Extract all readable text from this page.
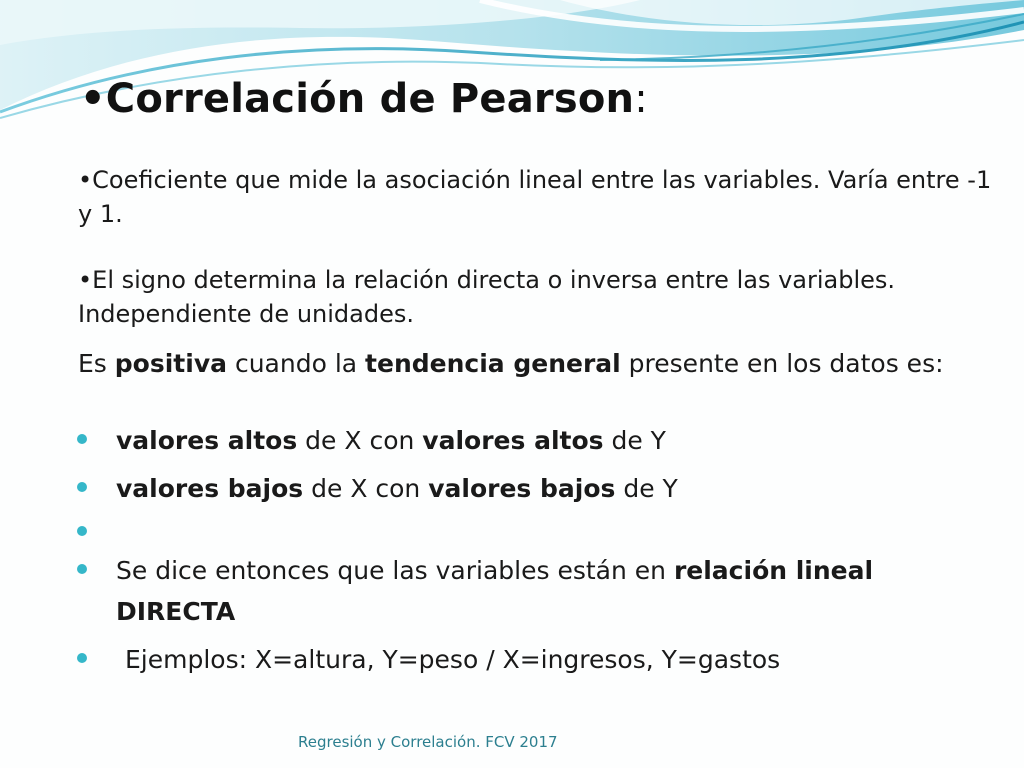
•Correlación de Pearson:
•Coeficiente que mide la asociación lineal entre las variables. Varía entre -1 y 1.
•El signo determina la relación directa o inversa entre las variables. Independiente de unidades.
Es positiva cuando la tendencia general presente en los datos es:
valores altos de X con valores altos de Y
valores bajos de X con valores bajos de Y
Se dice entonces que las variables están en relación lineal DIRECTA
Ejemplos: X=altura, Y=peso / X=ingresos, Y=gastos
Regresión y Correlación. FCV 2017
